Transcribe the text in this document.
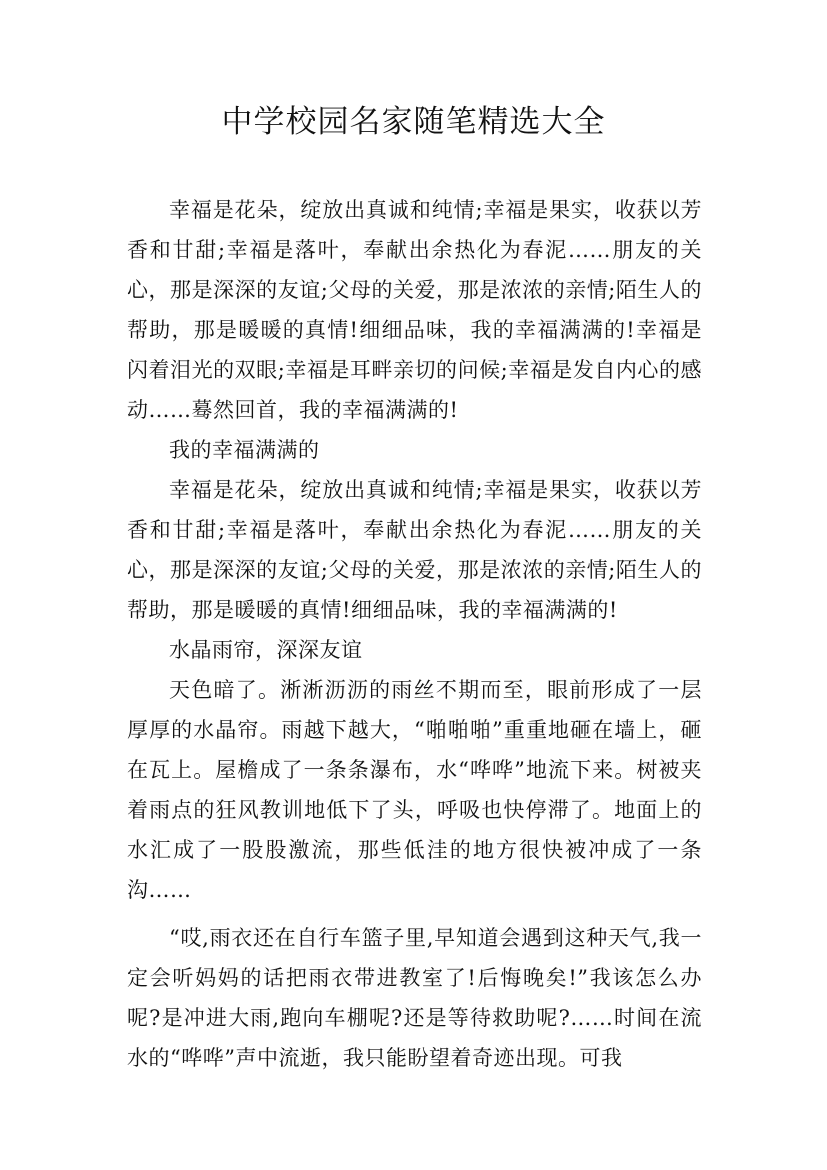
中学校园名家随笔精选大全

幸福是花朵，绽放出真诚和纯情;幸福是果实，收获以芳香和甘甜;幸福是落叶，奉献出余热化为春泥……朋友的关心，那是深深的友谊;父母的关爱，那是浓浓的亲情;陌生人的帮助，那是暖暖的真情!细细品味，我的幸福满满的!幸福是闪着泪光的双眼;幸福是耳畔亲切的问候;幸福是发自内心的感动……蓦然回首，我的幸福满满的!

我的幸福满满的

幸福是花朵，绽放出真诚和纯情;幸福是果实，收获以芳香和甘甜;幸福是落叶，奉献出余热化为春泥……朋友的关心，那是深深的友谊;父母的关爱，那是浓浓的亲情;陌生人的帮助，那是暖暖的真情!细细品味，我的幸福满满的!

水晶雨帘，深深友谊

天色暗了。淅淅沥沥的雨丝不期而至，眼前形成了一层厚厚的水晶帘。雨越下越大，“啪啪啪”重重地砸在墙上，砸在瓦上。屋檐成了一条条瀑布，水“哗哗”地流下来。树被夹着雨点的狂风教训地低下了头，呼吸也快停滞了。地面上的水汇成了一股股激流，那些低洼的地方很快被冲成了一条沟……

“哎,雨衣还在自行车篮子里,早知道会遇到这种天气,我一定会听妈妈的话把雨衣带进教室了!后悔晚矣!”我该怎么办呢?是冲进大雨,跑向车棚呢?还是等待救助呢?……时间在流水的“哗哗”声中流逝，我只能盼望着奇迹出现。可我
